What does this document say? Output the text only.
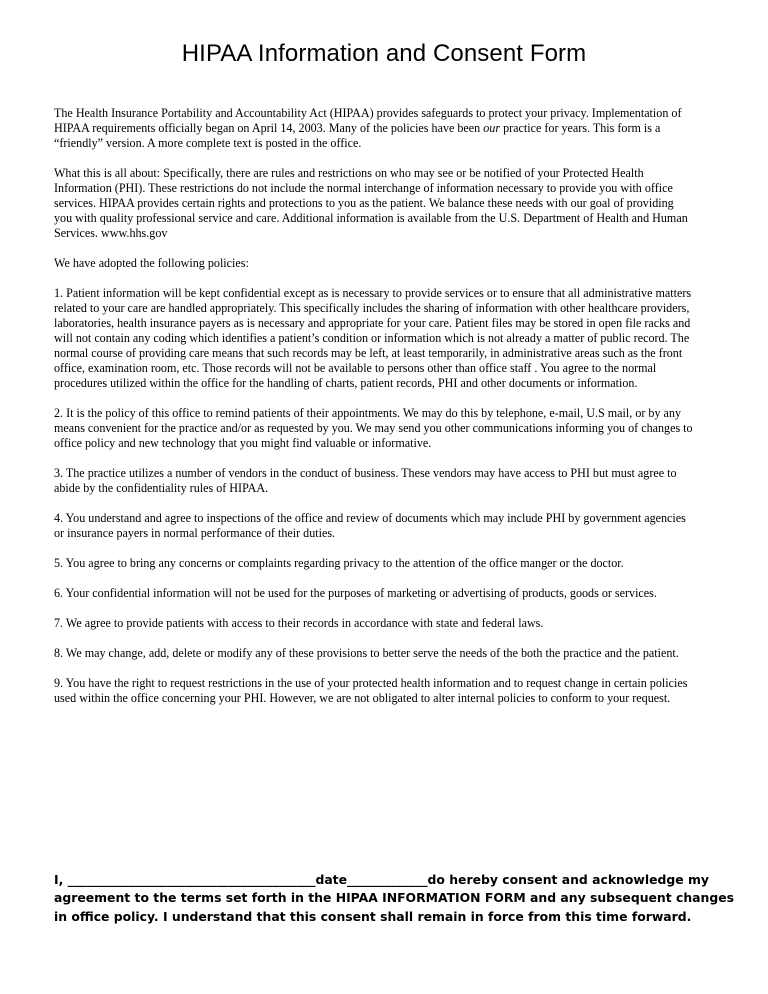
HIPAA Information and Consent Form

The Health Insurance Portability and Accountability Act (HIPAA) provides safeguards to protect your privacy. Implementation of HIPAA requirements officially began on April 14, 2003. Many of the policies have been our practice for years. This form is a “friendly” version. A more complete text is posted in the office.

What this is all about: Specifically, there are rules and restrictions on who may see or be notified of your Protected Health Information (PHI). These restrictions do not include the normal interchange of information necessary to provide you with office services. HIPAA provides certain rights and protections to you as the patient. We balance these needs with our goal of providing you with quality professional service and care. Additional information is available from the U.S. Department of Health and Human Services. www.hhs.gov

We have adopted the following policies:

1. Patient information will be kept confidential except as is necessary to provide services or to ensure that all administrative matters related to your care are handled appropriately. This specifically includes the sharing of information with other healthcare providers, laboratories, health insurance payers as is necessary and appropriate for your care. Patient files may be stored in open file racks and will not contain any coding which identifies a patient’s condition or information which is not already a matter of public record. The normal course of providing care means that such records may be left, at least temporarily, in administrative areas such as the front office, examination room, etc. Those records will not be available to persons other than office staff . You agree to the normal procedures utilized within the office for the handling of charts, patient records, PHI and other documents or information.

2. It is the policy of this office to remind patients of their appointments. We may do this by telephone, e-mail, U.S mail, or by any means convenient for the practice and/or as requested by you. We may send you other communications informing you of changes to office policy and new technology that you might find valuable or informative.

3. The practice utilizes a number of vendors in the conduct of business. These vendors may have access to PHI but must agree to abide by the confidentiality rules of HIPAA.

4. You understand and agree to inspections of the office and review of documents which may include PHI by government agencies or insurance payers in normal performance of their duties.

5. You agree to bring any concerns or complaints regarding privacy to the attention of the office manger or the doctor.

6. Your confidential information will not be used for the purposes of marketing or advertising of products, goods or services.

7. We agree to provide patients with access to their records in accordance with state and federal laws.

8. We may change, add, delete or modify any of these provisions to better serve the needs of the both the practice and the patient.

9. You have the right to request restrictions in the use of your protected health information and to request change in certain policies used within the office concerning your PHI. However, we are not obligated to alter internal policies to conform to your request.

I, ________________________________________date_____________do hereby consent and acknowledge my agreement to the terms set forth in the HIPAA INFORMATION FORM and any subsequent changes in office policy. I understand that this consent shall remain in force from this time forward.
